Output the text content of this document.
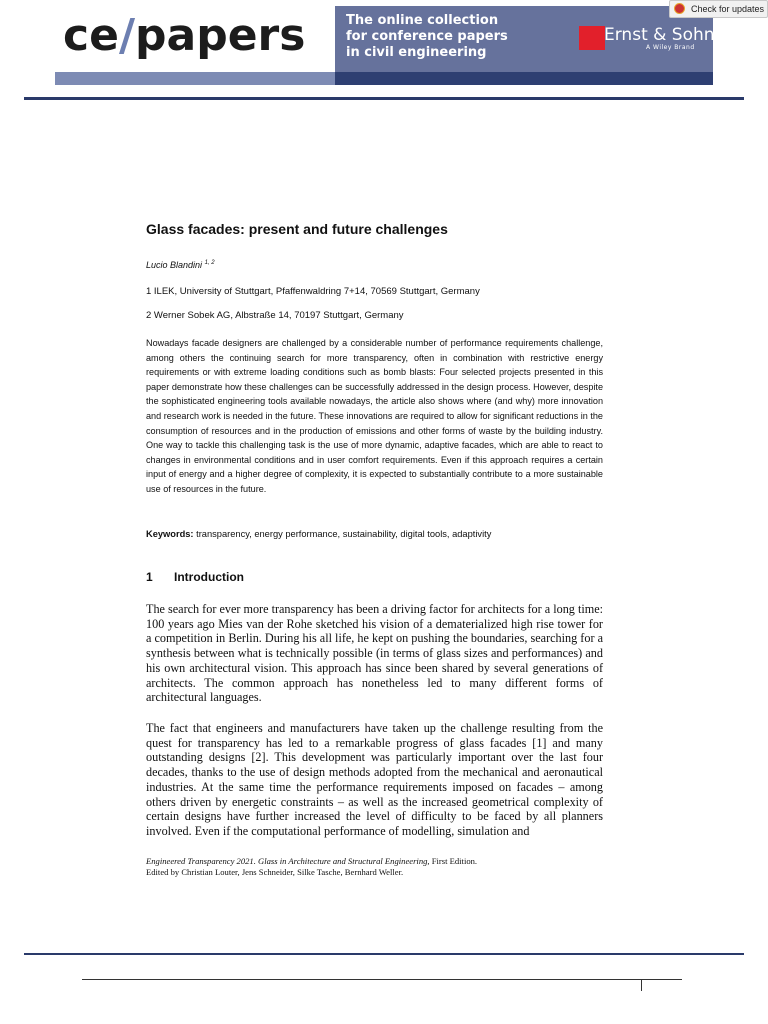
ce/papers	The online collection
for conference papers
in civil engineering
Ernst & Sohn
A Wiley Brand
Check for updates
Glass facades: present and future challenges
Lucio Blandini $^{1, 2}$
1 ILEK, University of Stuttgart, Pfaffenwaldring 7+14, 70569 Stuttgart, Germany
2 Werner Sobek AG, Albstraße 14, 70197 Stuttgart, Germany
Nowadays facade designers are challenged by a considerable number of performance requirements challenge, among others the continuing search for more transparency, often in combination with restrictive energy requirements or with extreme loading conditions such as bomb blasts: Four selected projects presented in this paper demonstrate how these challenges can be successfully addressed in the design process. However, despite the sophisticated engineering tools available nowadays, the article also shows where (and why) more innovation and research work is needed in the future. These innovations are required to allow for significant reductions in the consumption of resources and in the production of emissions and other forms of waste by the building industry. One way to tackle this challenging task is the use of more dynamic, adaptive facades, which are able to react to changes in environmental conditions and in user comfort requirements. Even if this approach requires a certain input of energy and a higher degree of complexity, it is expected to substantially contribute to a more sustainable use of resources in the future.
Keywords: transparency, energy performance, sustainability, digital tools, adaptivity
1 Introduction
The search for ever more transparency has been a driving factor for architects for a long time: 100 years ago Mies van der Rohe sketched his vision of a dematerialized high rise tower for a competition in Berlin. During his all life, he kept on pushing the boundaries, searching for a synthesis between what is technically possible (in terms of glass sizes and performances) and his own architectural vision. This approach has since been shared by several generations of architects. The common approach has nonetheless led to many different forms of architectural languages.
The fact that engineers and manufacturers have taken up the challenge resulting from the quest for transparency has led to a remarkable progress of glass facades [1] and many outstanding designs [2]. This development was particularly important over the last four decades, thanks to the use of design methods adopted from the mechanical and aeronautical industries. At the same time the performance requirements imposed on facades – among others driven by energetic constraints – as well as the increased geometrical complexity of certain designs have further increased the level of difficulty to be faced by all planners involved. Even if the computational performance of modelling, simulation and
Engineered Transparency 2021. Glass in Architecture and Structural Engineering, First Edition.
Edited by Christian Louter, Jens Schneider, Silke Tasche, Bernhard Weller.
